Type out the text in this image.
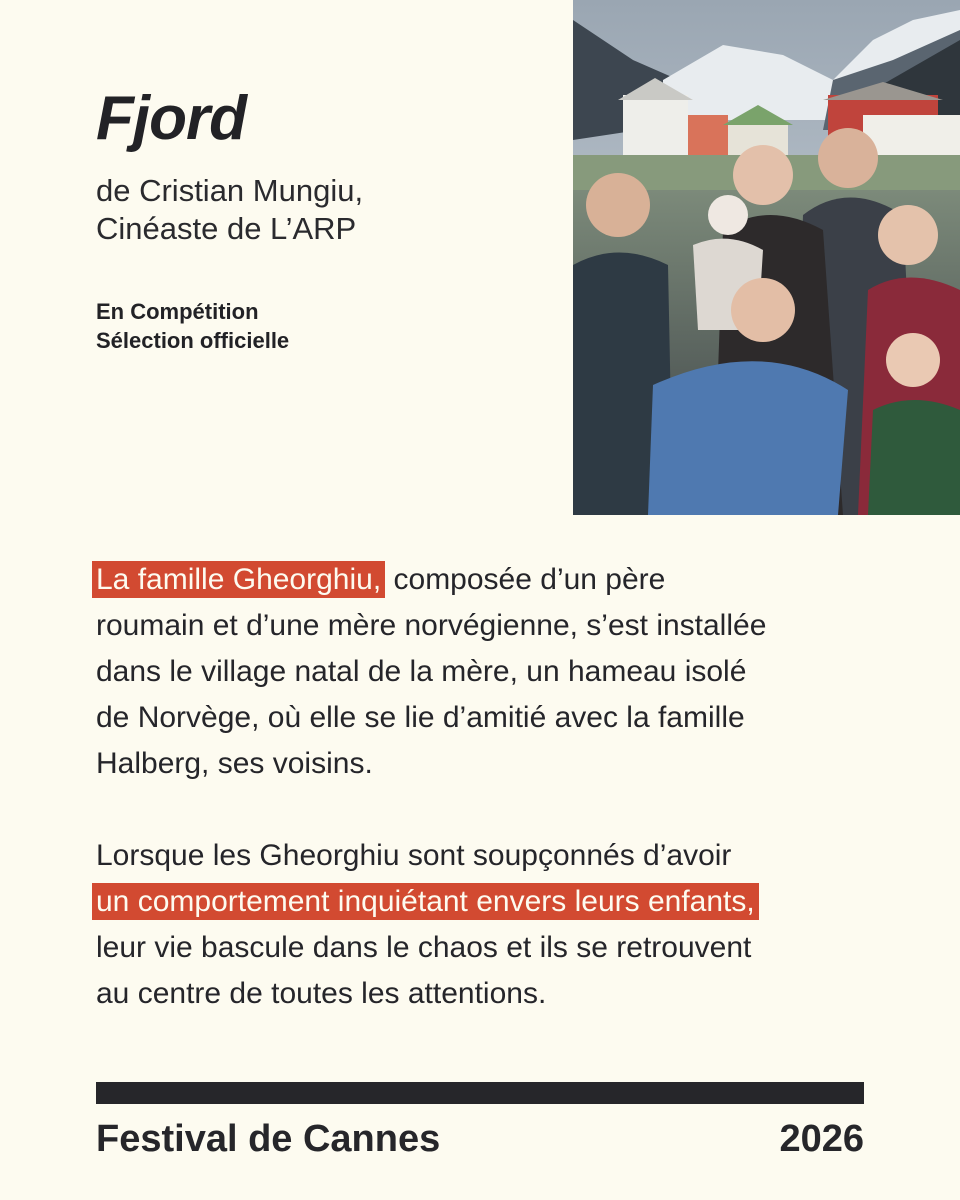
Fjord
de Cristian Mungiu,
Cinéaste de L’ARP
En Compétition
Sélection officielle

La famille Gheorghiu, composée d’un père
roumain et d’une mère norvégienne, s’est installée
dans le village natal de la mère, un hameau isolé
de Norvège, où elle se lie d’amitié avec la famille
Halberg, ses voisins.

Lorsque les Gheorghiu sont soupçonnés d’avoir
un comportement inquiétant envers leurs enfants,
leur vie bascule dans le chaos et ils se retrouvent
au centre de toutes les attentions.

Festival de Cannes	2026
